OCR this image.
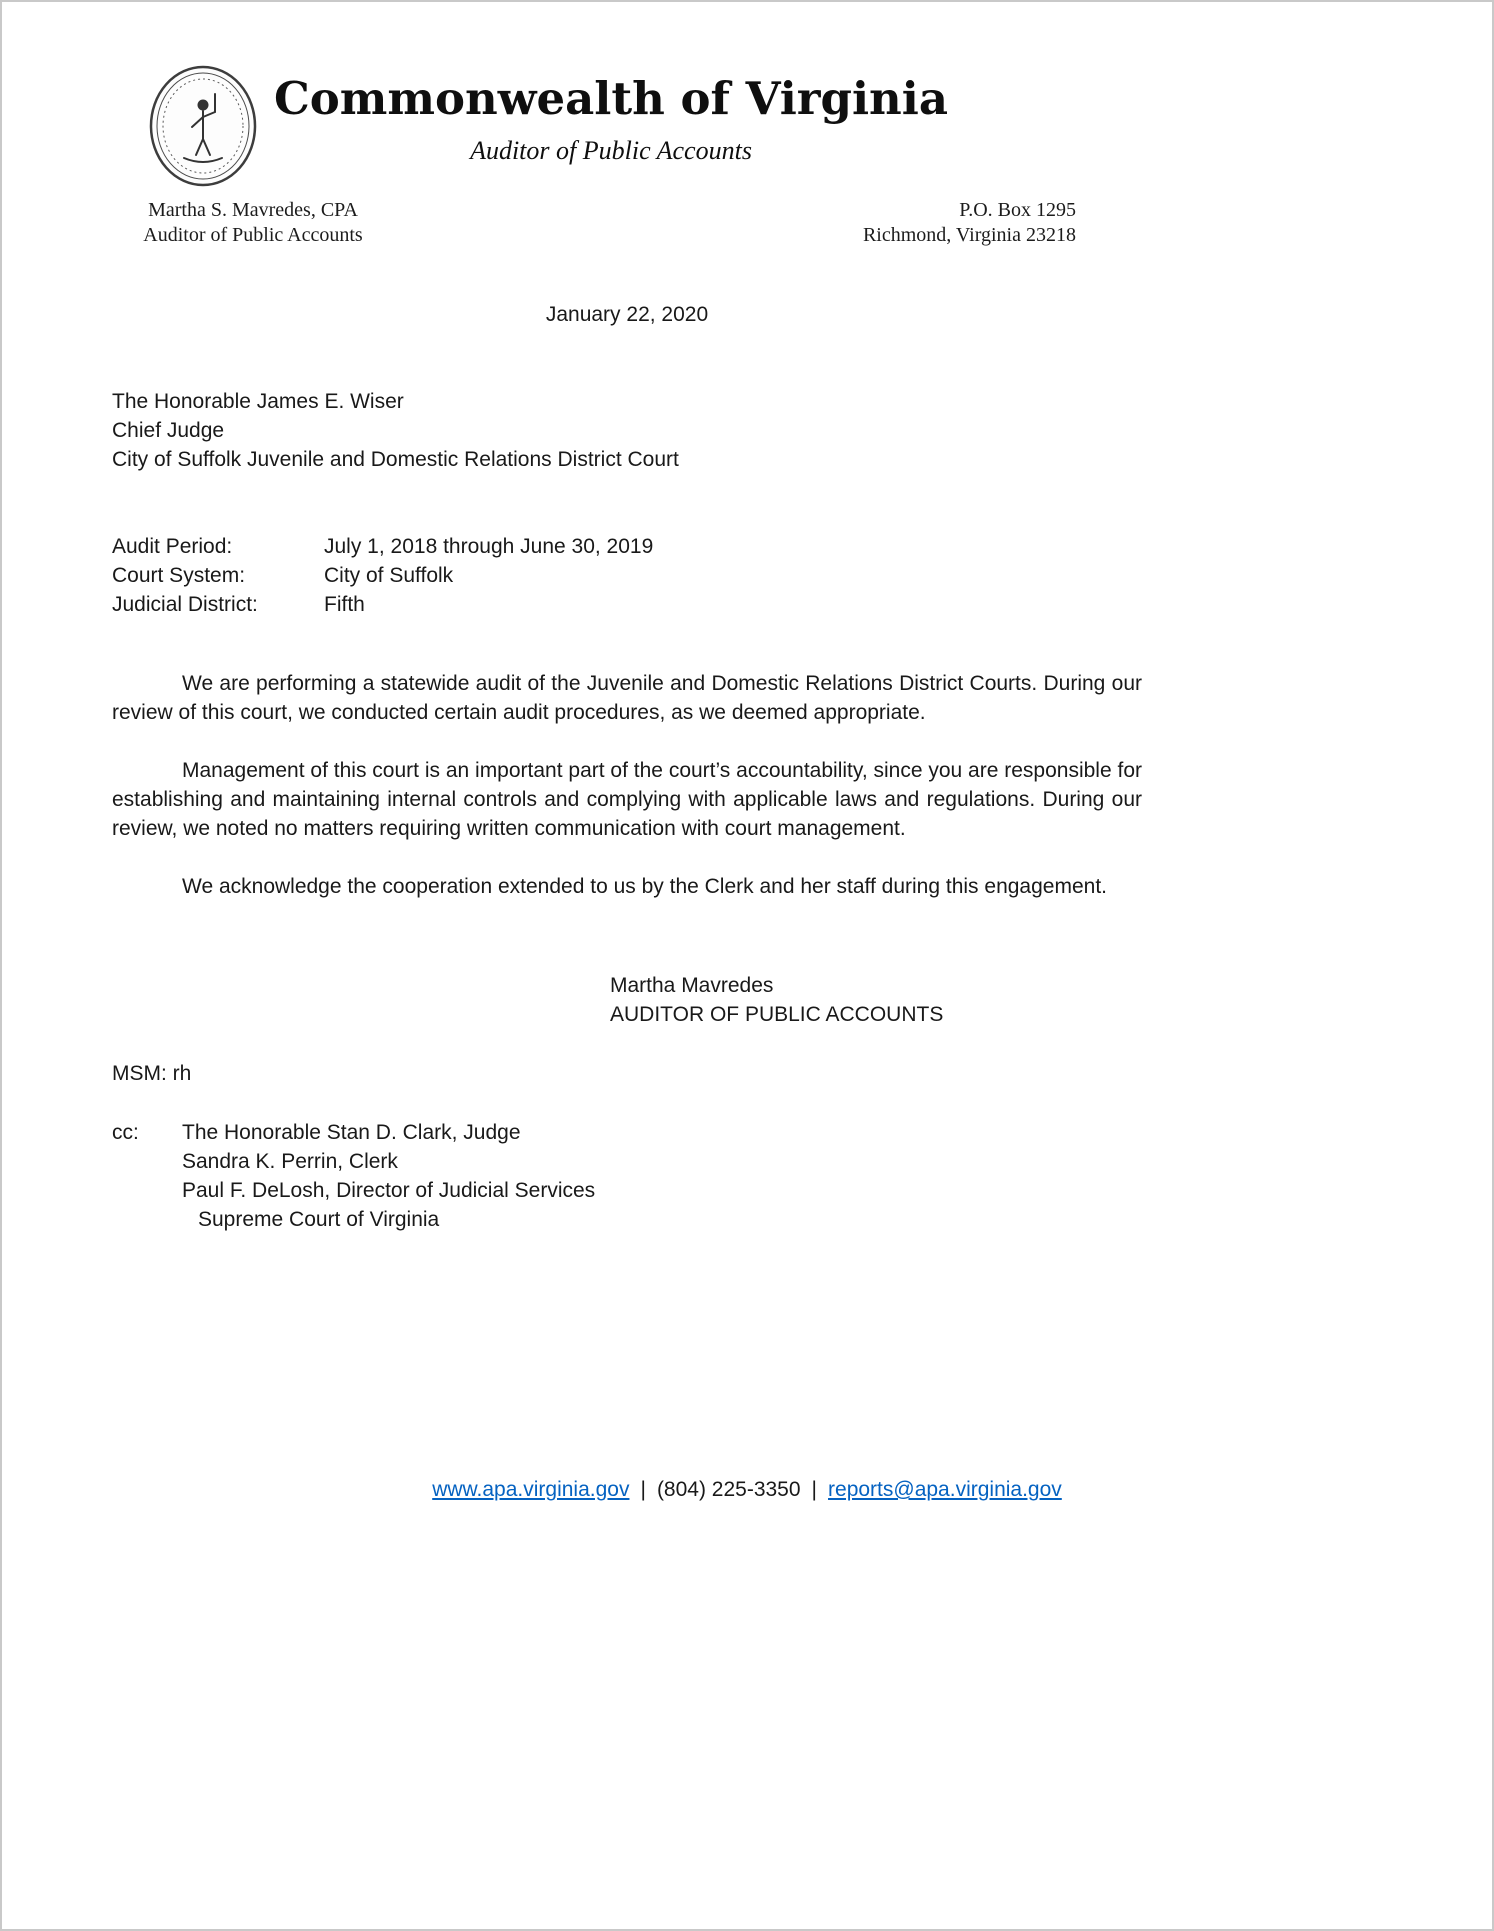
Commonwealth of Virginia
Auditor of Public Accounts
Martha S. Mavredes, CPA
Auditor of Public Accounts
P.O. Box 1295
Richmond, Virginia 23218
January 22, 2020
The Honorable James E. Wiser
Chief Judge
City of Suffolk Juvenile and Domestic Relations District Court
Audit Period:	July 1, 2018 through June 30, 2019
Court System:	City of Suffolk
Judicial District:	Fifth

We are performing a statewide audit of the Juvenile and Domestic Relations District Courts. During our review of this court, we conducted certain audit procedures, as we deemed appropriate.

Management of this court is an important part of the court’s accountability, since you are responsible for establishing and maintaining internal controls and complying with applicable laws and regulations. During our review, we noted no matters requiring written communication with court management.

We acknowledge the cooperation extended to us by the Clerk and her staff during this engagement.

Martha Mavredes
AUDITOR OF PUBLIC ACCOUNTS
MSM: rh
cc:	The Honorable Stan D. Clark, Judge
Sandra K. Perrin, Clerk
Paul F. DeLosh, Director of Judicial Services
Supreme Court of Virginia
www.apa.virginia.gov | (804) 225-3350 | reports@apa.virginia.gov
